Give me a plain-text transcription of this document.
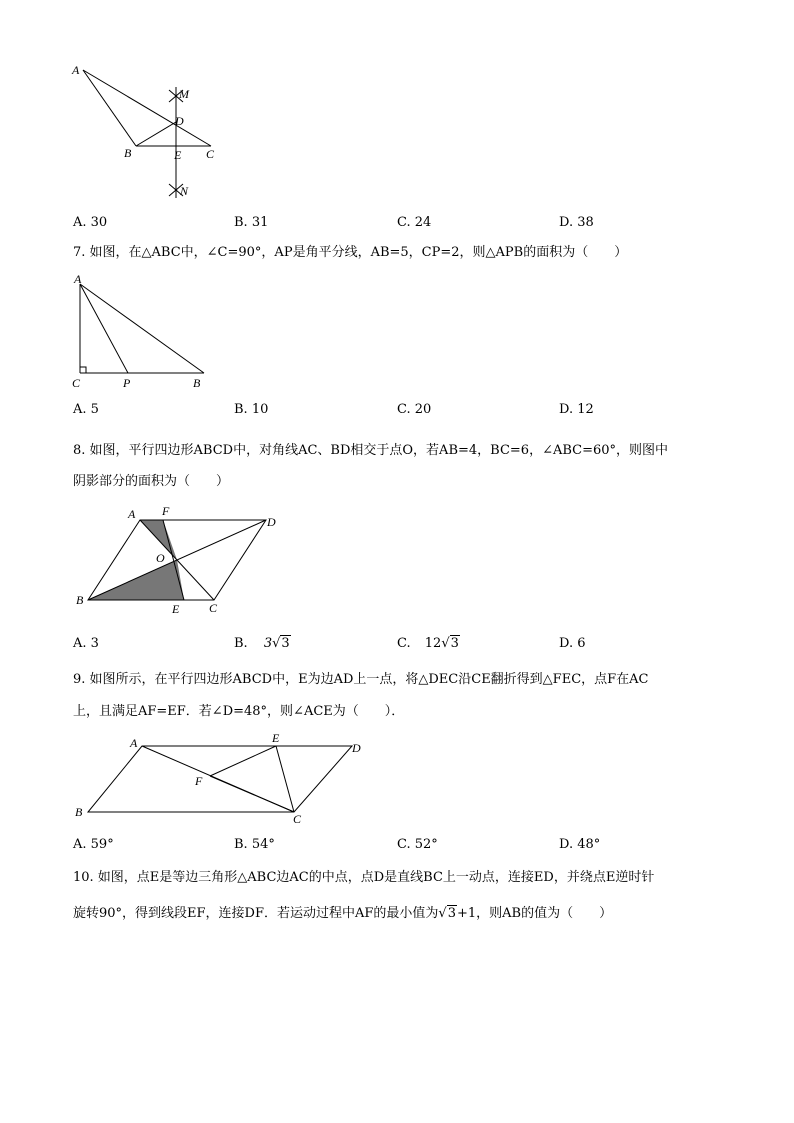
A
M
D
B	E C
N
A. 30	B. 31	C. 24	D. 38
7. 如图，在△ABC中，∠C=90°，AP是角平分线，AB=5，CP=2，则△APB的面积为（　　）
A
C	P	B
A. 5	B. 10	C. 20	D. 12
8. 如图，平行四边形ABCD中，对角线AC、BD相交于点O，若AB=4，BC=6，∠ABC=60°，则图中
阴影部分的面积为（　　）
A F
D
O
B
E C
A. 3	B. 3√3	C. 12√3	D. 6
9. 如图所示，在平行四边形ABCD中，E为边AD上一点，将△DEC沿CE翻折得到△FEC，点F在AC
上，且满足AF=EF．若∠D=48°，则∠ACE为（　　）．
A	E
D
F
B	C
A. 59°	B. 54°	C. 52°	D. 48°
10. 如图，点E是等边三角形△ABC边AC的中点，点D是直线BC上一动点，连接ED，并绕点E逆时针
旋转90°，得到线段EF，连接DF．若运动过程中AF的最小值为√3+1，则AB的值为（　　）
